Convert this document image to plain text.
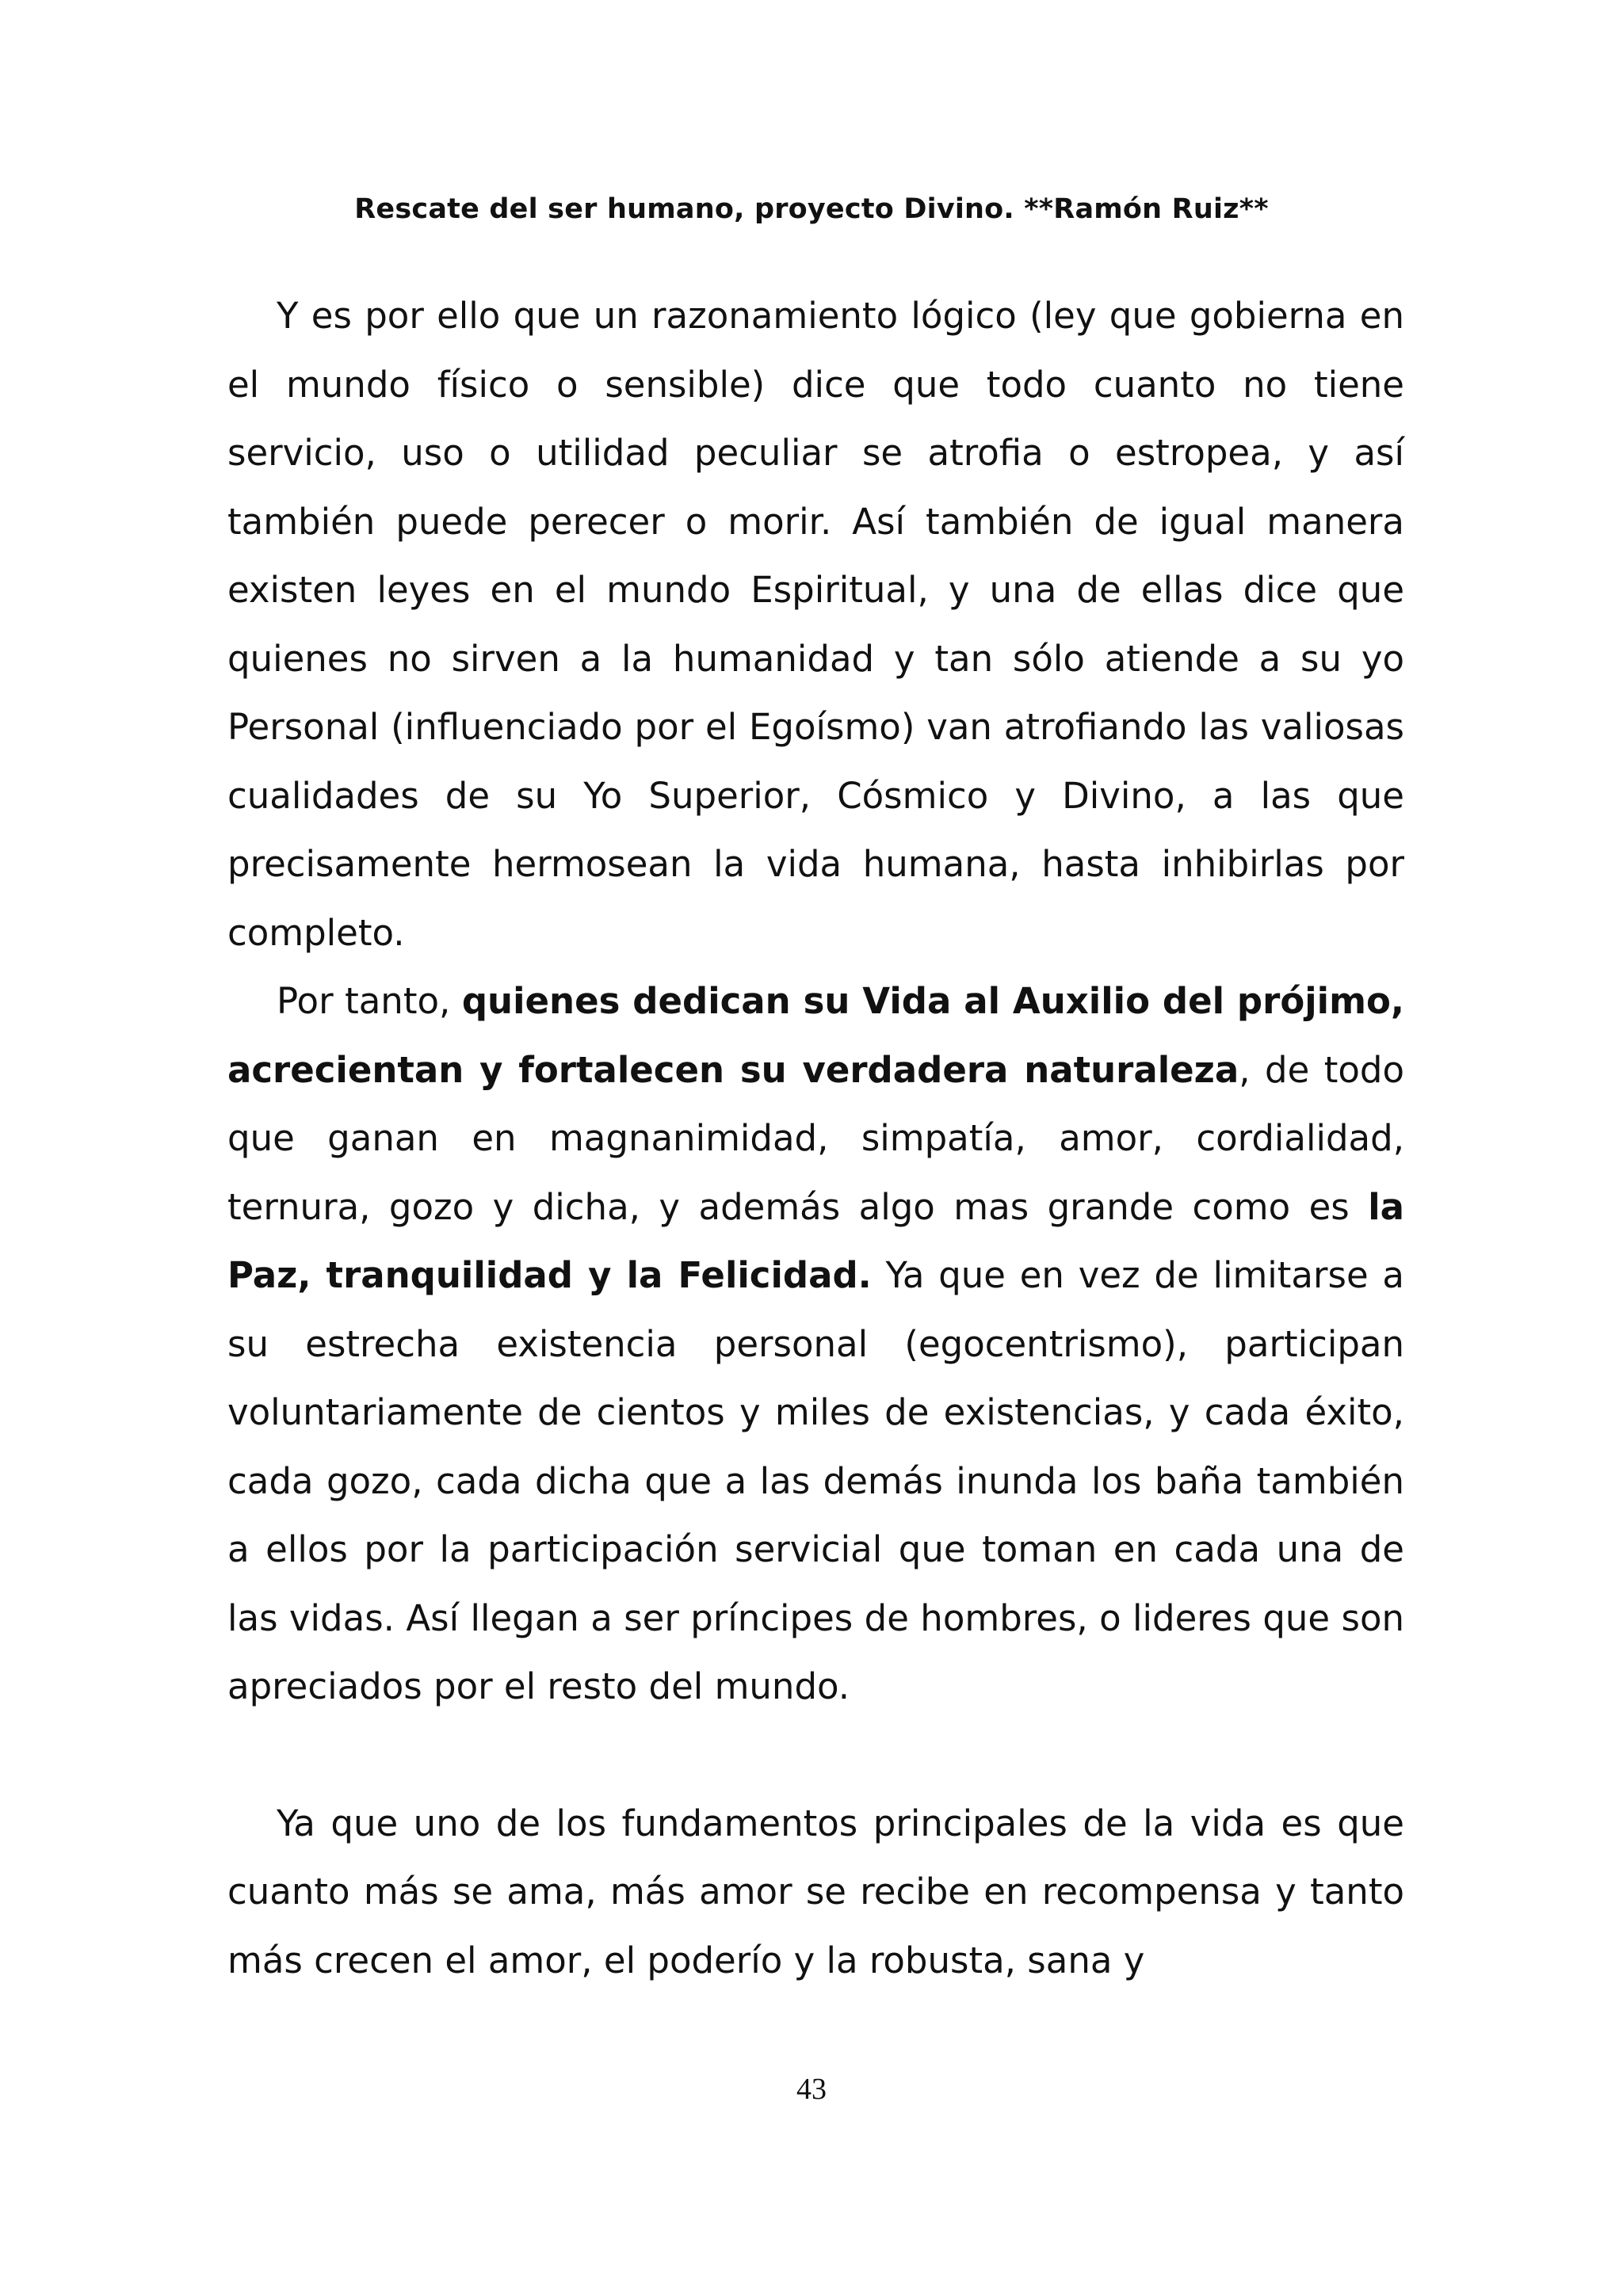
Rescate del ser humano, proyecto Divino. **Ramón Ruiz**

Y es por ello que un razonamiento lógico (ley que gobierna en el mundo físico o sensible) dice que todo cuanto no tiene servicio, uso o utilidad peculiar se atrofia o estropea, y así también puede perecer o morir. Así también de igual manera existen leyes en el mundo Espiritual, y una de ellas dice que quienes no sirven a la humanidad y tan sólo atiende a su yo Personal (influenciado por el Egoísmo) van atrofiando las valiosas cualidades de su Yo Superior, Cósmico y Divino, a las que precisamente hermosean la vida humana, hasta inhibirlas por completo.

Por tanto, quienes dedican su Vida al Auxilio del prójimo, acrecientan y fortalecen su verdadera naturaleza, de todo que ganan en magnanimidad, simpatía, amor, cordialidad, ternura, gozo y dicha, y además algo mas grande como es la Paz, tranquilidad y la Felicidad. Ya que en vez de limitarse a su estrecha existencia personal (egocentrismo), participan voluntariamente de cientos y miles de existencias, y cada éxito, cada gozo, cada dicha que a las demás inunda los baña también a ellos por la participación servicial que toman en cada una de las vidas. Así llegan a ser príncipes de hombres, o lideres que son apreciados por el resto del mundo.

Ya que uno de los fundamentos principales de la vida es que cuanto más se ama, más amor se recibe en recompensa y tanto más crecen el amor, el poderío y la robusta, sana y

43
